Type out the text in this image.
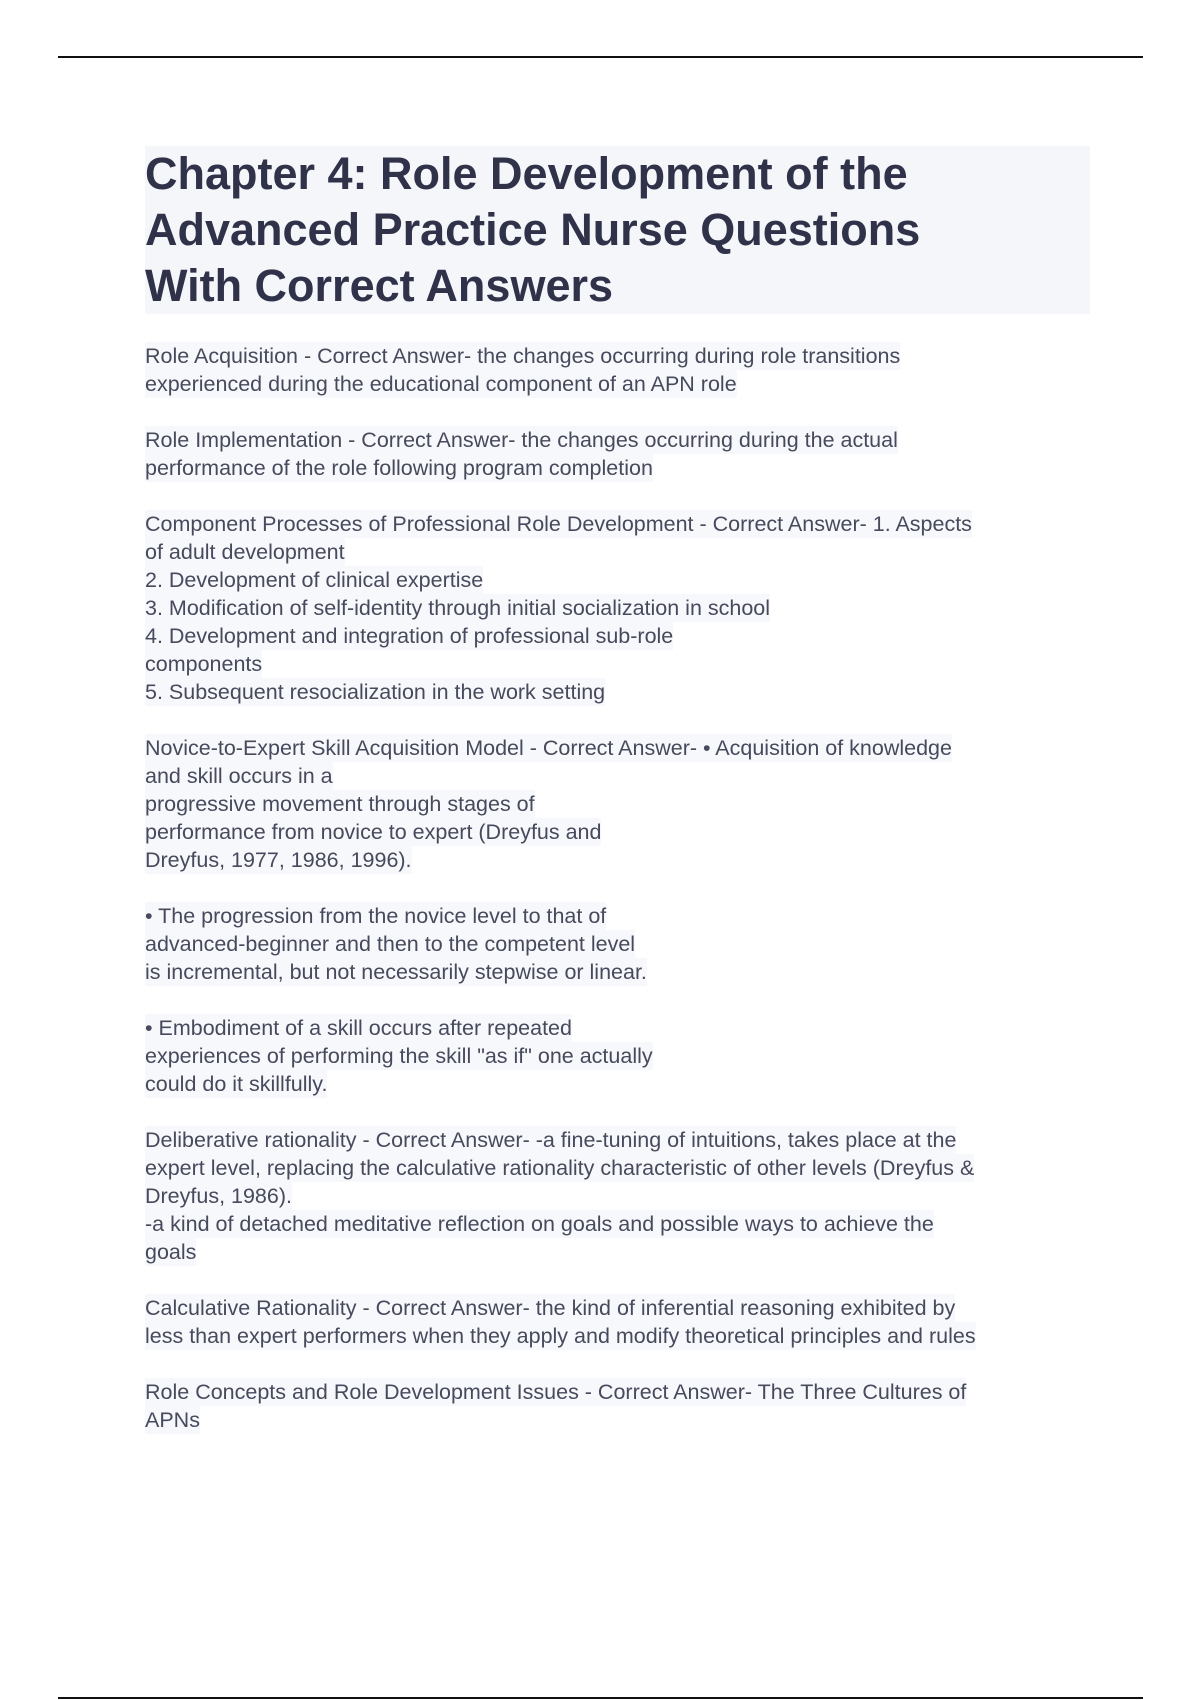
Chapter 4: Role Development of the
Advanced Practice Nurse Questions
With Correct Answers
Role Acquisition - Correct Answer- the changes occurring during role transitions
experienced during the educational component of an APN role
Role Implementation - Correct Answer- the changes occurring during the actual
performance of the role following program completion
Component Processes of Professional Role Development - Correct Answer- 1. Aspects
of adult development
2. Development of clinical expertise
3. Modification of self-identity through initial socialization in school
4. Development and integration of professional sub-role
components
5. Subsequent resocialization in the work setting
Novice-to-Expert Skill Acquisition Model - Correct Answer- • Acquisition of knowledge
and skill occurs in a
progressive movement through stages of
performance from novice to expert (Dreyfus and
Dreyfus, 1977, 1986, 1996).
• The progression from the novice level to that of
advanced-beginner and then to the competent level
is incremental, but not necessarily stepwise or linear.
• Embodiment of a skill occurs after repeated
experiences of performing the skill "as if" one actually
could do it skillfully.
Deliberative rationality - Correct Answer- -a fine-tuning of intuitions, takes place at the
expert level, replacing the calculative rationality characteristic of other levels (Dreyfus &
Dreyfus, 1986).
-a kind of detached meditative reflection on goals and possible ways to achieve the
goals
Calculative Rationality - Correct Answer- the kind of inferential reasoning exhibited by
less than expert performers when they apply and modify theoretical principles and rules
Role Concepts and Role Development Issues - Correct Answer- The Three Cultures of
APNs
